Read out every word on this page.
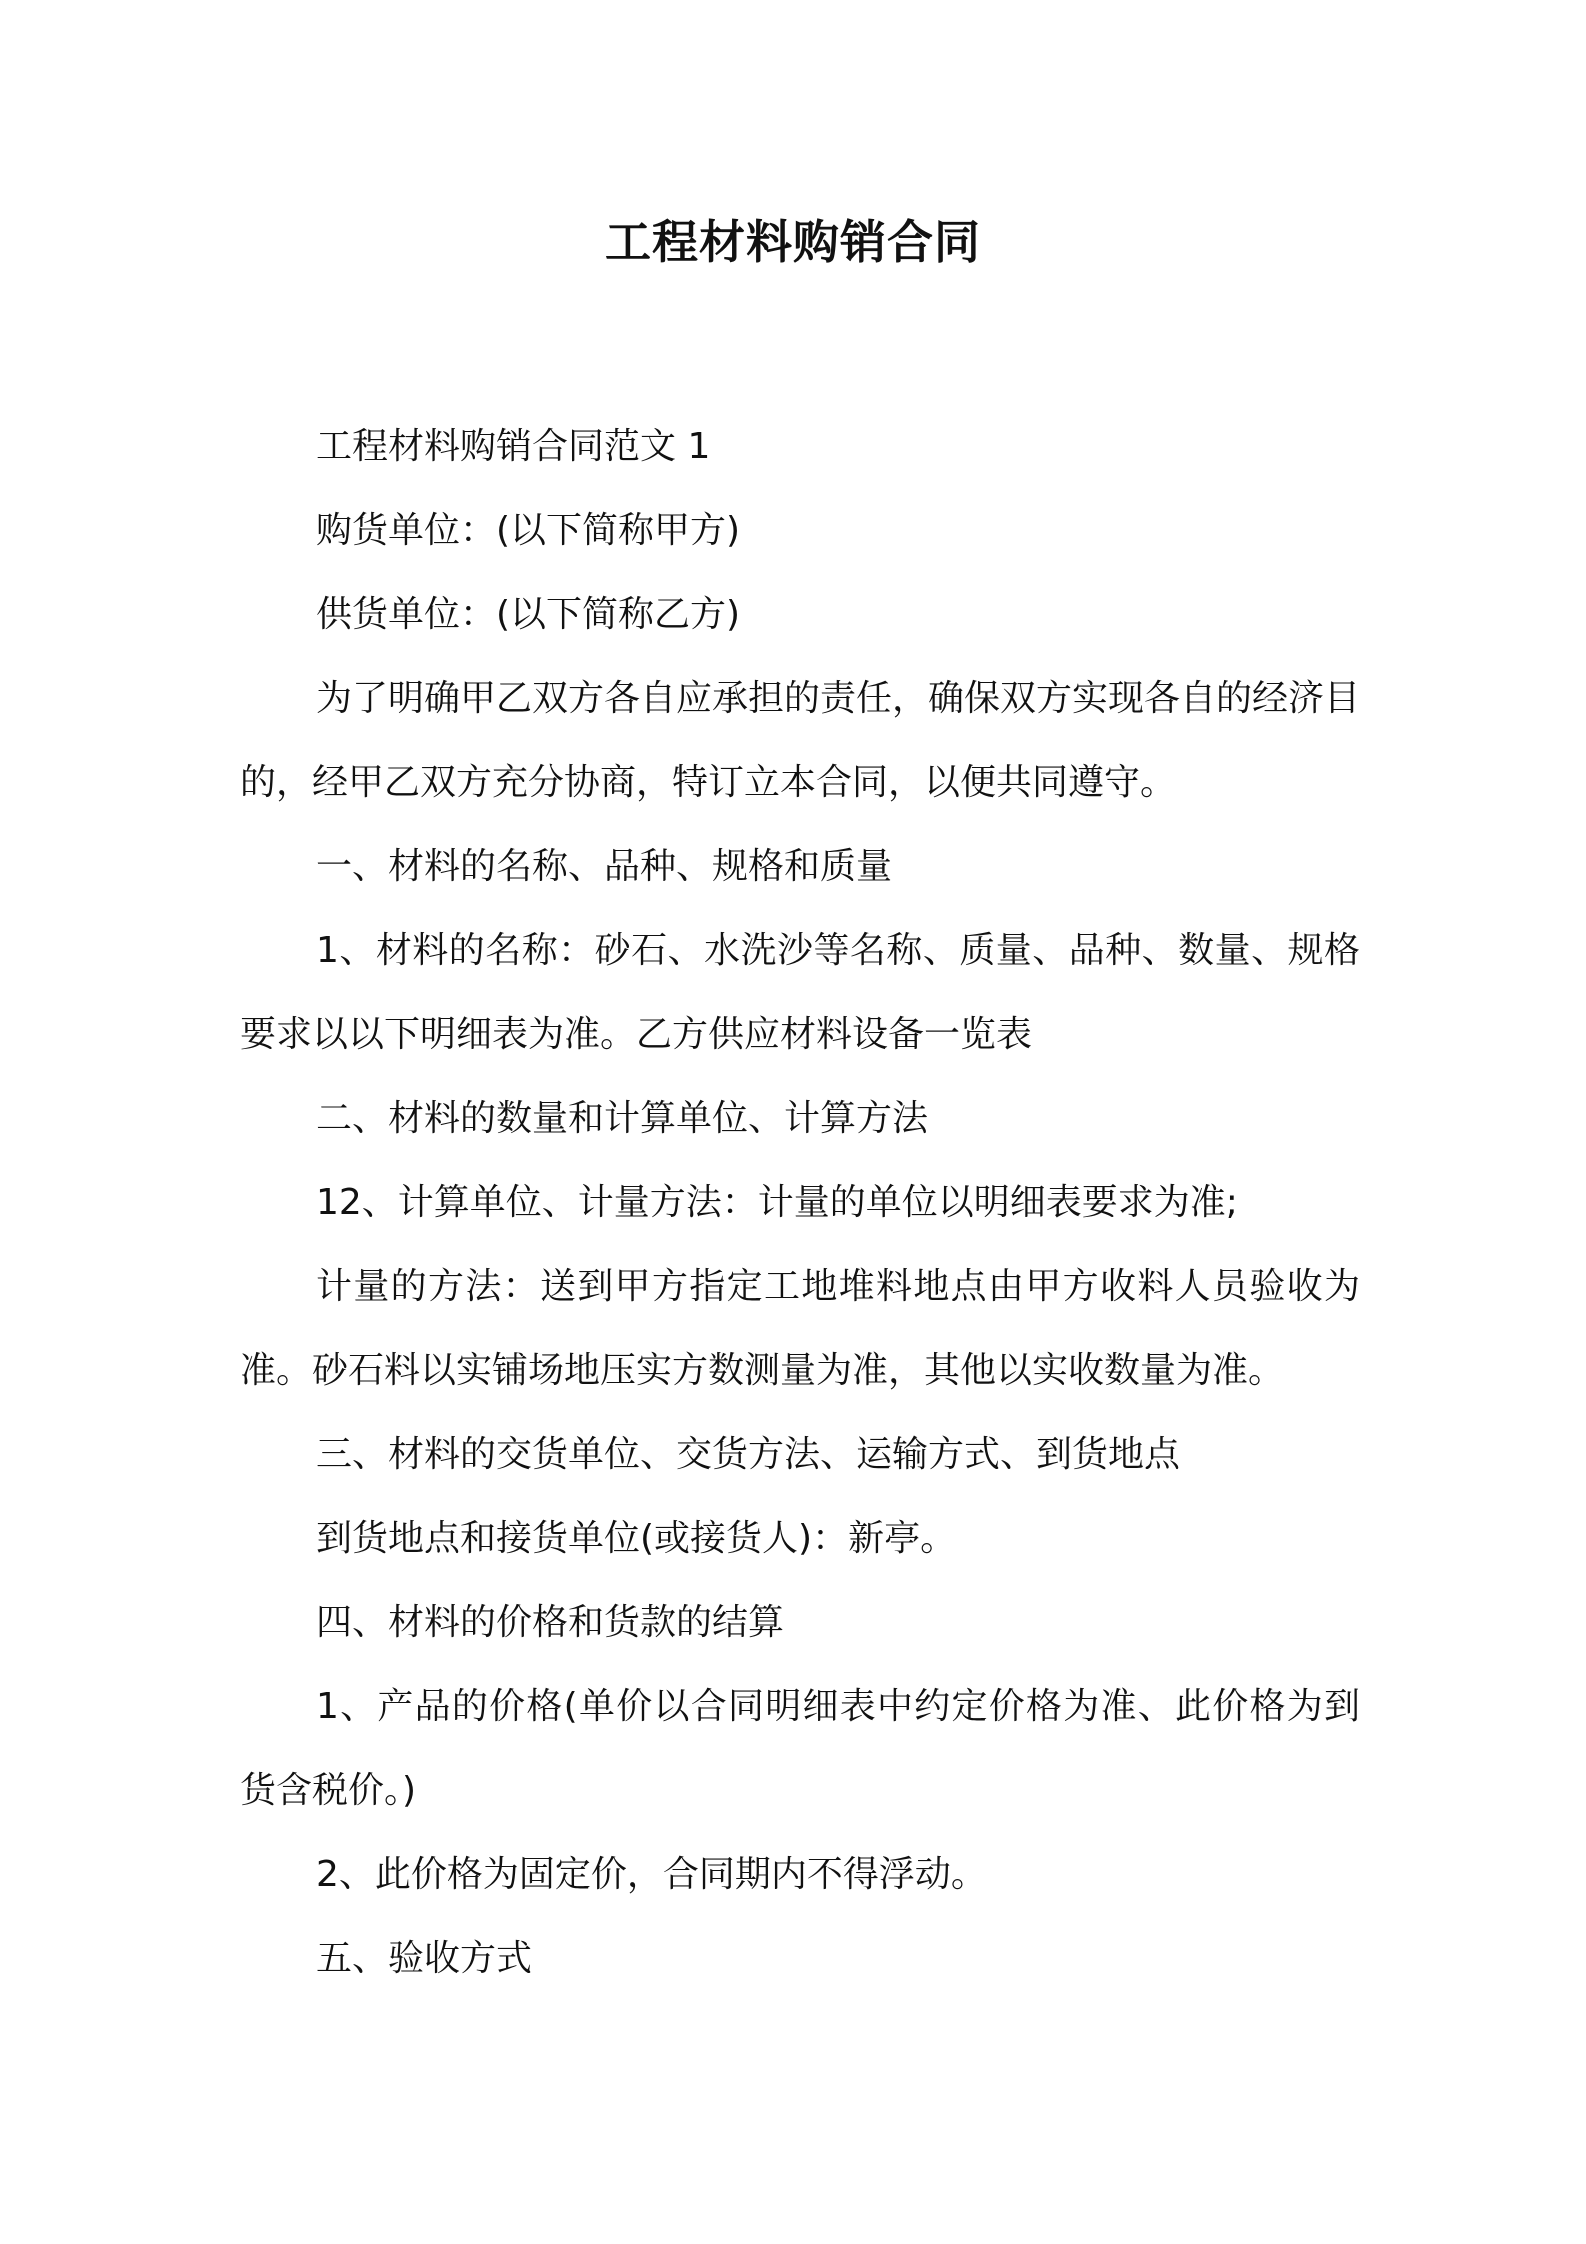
工程材料购销合同

工程材料购销合同范文 1

购货单位：(以下简称甲方)

供货单位：(以下简称乙方)

为了明确甲乙双方各自应承担的责任，确保双方实现各自的经济目的，经甲乙双方充分协商，特订立本合同，以便共同遵守。

一、材料的名称、品种、规格和质量

1、材料的名称：砂石、水洗沙等名称、质量、品种、数量、规格要求以以下明细表为准。乙方供应材料设备一览表

二、材料的数量和计算单位、计算方法

12、计算单位、计量方法：计量的单位以明细表要求为准;

计量的方法：送到甲方指定工地堆料地点由甲方收料人员验收为准。砂石料以实铺场地压实方数测量为准，其他以实收数量为准。

三、材料的交货单位、交货方法、运输方式、到货地点

到货地点和接货单位(或接货人)：新亭。

四、材料的价格和货款的结算

1、产品的价格(单价以合同明细表中约定价格为准、此价格为到货含税价。)

2、此价格为固定价，合同期内不得浮动。

五、验收方式
